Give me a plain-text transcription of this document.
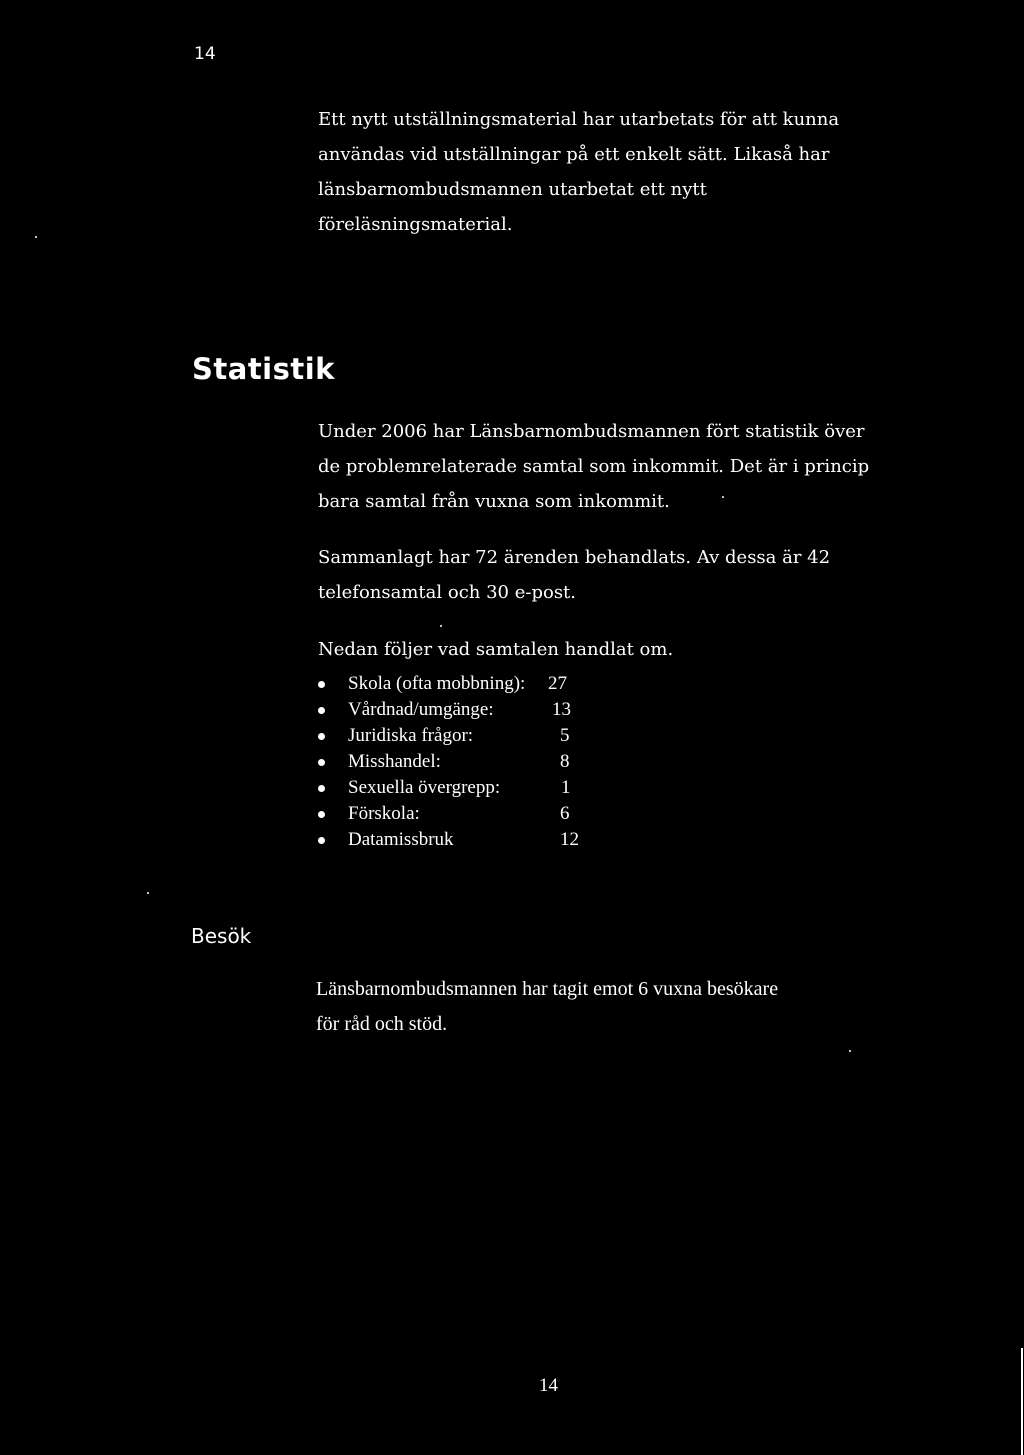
14
Ett nytt utställningsmaterial har utarbetats för att kunna
användas vid utställningar på ett enkelt sätt. Likaså har
länsbarnombudsmannen utarbetat ett nytt
föreläsningsmaterial.
Statistik
Under 2006 har Länsbarnombudsmannen fört statistik över
de problemrelaterade samtal som inkommit. Det är i princip
bara samtal från vuxna som inkommit.
Sammanlagt har 72 ärenden behandlats. Av dessa är 42
telefonsamtal och 30 e-post.
Nedan följer vad samtalen handlat om.
Skola (ofta mobbning): 27
Vårdnad/umgänge:	13
Juridiska frågor:	5
Misshandel:	8
Sexuella övergrepp:	1
Förskola:	6
Datamissbruk	12
Besök
Länsbarnombudsmannen har tagit emot 6 vuxna besökare
för råd och stöd.
14
